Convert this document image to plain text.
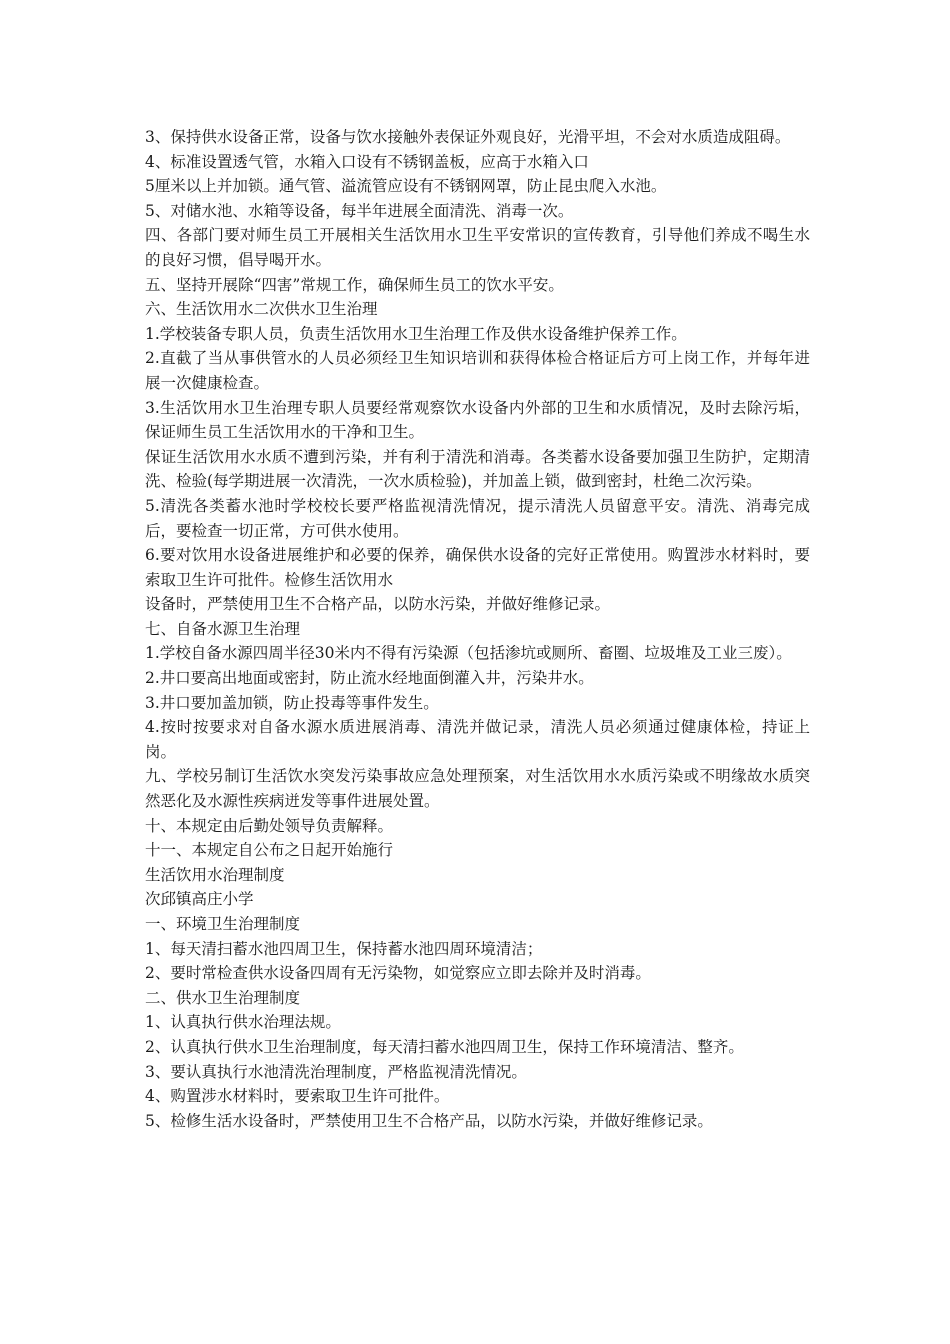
3、保持供水设备正常，设备与饮水接触外表保证外观良好，光滑平坦，不会对水质造成阻碍。

4、标准设置透气管，水箱入口设有不锈钢盖板，应高于水箱入口

5厘米以上并加锁。通气管、溢流管应设有不锈钢网罩，防止昆虫爬入水池。

5、对储水池、水箱等设备，每半年进展全面清洗、消毒一次。

四、各部门要对师生员工开展相关生活饮用水卫生平安常识的宣传教育，引导他们养成不喝生水的良好习惯，倡导喝开水。

五、坚持开展除“四害”常规工作，确保师生员工的饮水平安。

六、生活饮用水二次供水卫生治理

1.学校装备专职人员，负责生活饮用水卫生治理工作及供水设备维护保养工作。

2.直截了当从事供管水的人员必须经卫生知识培训和获得体检合格证后方可上岗工作，并每年进展一次健康检查。

3.生活饮用水卫生治理专职人员要经常观察饮水设备内外部的卫生和水质情况，及时去除污垢，保证师生员工生活饮用水的干净和卫生。

保证生活饮用水水质不遭到污染，并有利于清洗和消毒。各类蓄水设备要加强卫生防护，定期清洗、检验(每学期进展一次清洗，一次水质检验)，并加盖上锁，做到密封，杜绝二次污染。

5.清洗各类蓄水池时学校校长要严格监视清洗情况，提示清洗人员留意平安。清洗、消毒完成后，要检查一切正常，方可供水使用。

6.要对饮用水设备进展维护和必要的保养，确保供水设备的完好正常使用。购置涉水材料时，要索取卫生许可批件。检修生活饮用水

设备时，严禁使用卫生不合格产品，以防水污染，并做好维修记录。

七、自备水源卫生治理

1.学校自备水源四周半径30米内不得有污染源（包括渗坑或厕所、畜圈、垃圾堆及工业三废）。

2.井口要高出地面或密封，防止流水经地面倒灌入井，污染井水。

3.井口要加盖加锁，防止投毒等事件发生。

4.按时按要求对自备水源水质进展消毒、清洗并做记录，清洗人员必须通过健康体检，持证上岗。

九、学校另制订生活饮水突发污染事故应急处理预案，对生活饮用水水质污染或不明缘故水质突然恶化及水源性疾病迸发等事件进展处置。

十、本规定由后勤处领导负责解释。

十一、本规定自公布之日起开始施行

生活饮用水治理制度

次邱镇高庄小学

一、环境卫生治理制度

1、每天清扫蓄水池四周卫生，保持蓄水池四周环境清洁；

2、要时常检查供水设备四周有无污染物，如觉察应立即去除并及时消毒。

二、供水卫生治理制度

1、认真执行供水治理法规。

2、认真执行供水卫生治理制度，每天清扫蓄水池四周卫生，保持工作环境清洁、整齐。

3、要认真执行水池清洗治理制度，严格监视清洗情况。

4、购置涉水材料时，要索取卫生许可批件。

5、检修生活水设备时，严禁使用卫生不合格产品，以防水污染，并做好维修记录。
